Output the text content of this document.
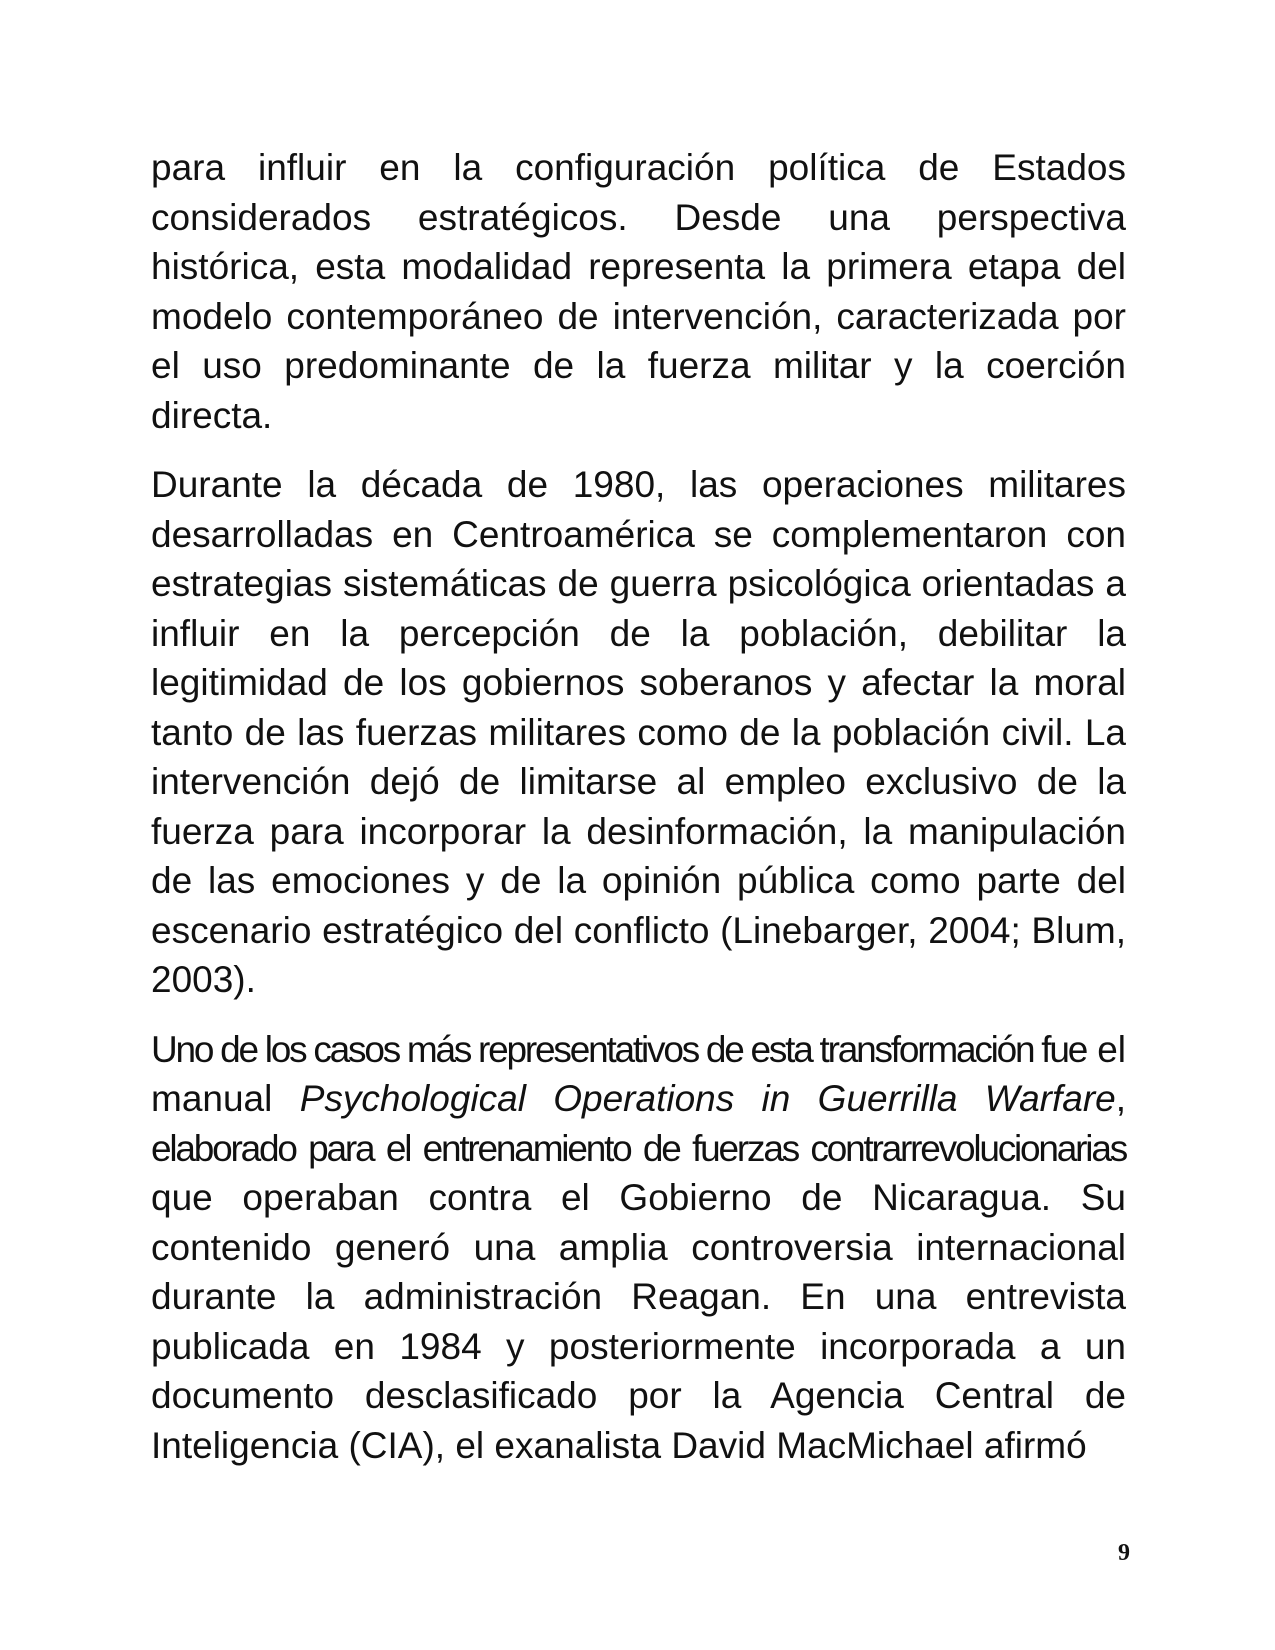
para influir en la configuración política de Estados considerados estratégicos. Desde una perspectiva histórica, esta modalidad representa la primera etapa del modelo contemporáneo de intervención, caracterizada por el uso predominante de la fuerza militar y la coerción directa.

Durante la década de 1980, las operaciones militares desarrolladas en Centroamérica se complementaron con estrategias sistemáticas de guerra psicológica orientadas a influir en la percepción de la población, debilitar la legitimidad de los gobiernos soberanos y afectar la moral tanto de las fuerzas militares como de la población civil. La intervención dejó de limitarse al empleo exclusivo de la fuerza para incorporar la desinformación, la manipulación de las emociones y de la opinión pública como parte del escenario estratégico del conflicto (Linebarger, 2004; Blum, 2003).

Uno de los casos más representativos de esta transformación fue el manual Psychological Operations in Guerrilla Warfare, elaborado para el entrenamiento de fuerzas contrarrevolucionarias que operaban contra el Gobierno de Nicaragua. Su contenido generó una amplia controversia internacional durante la administración Reagan. En una entrevista publicada en 1984 y posteriormente incorporada a un documento desclasificado por la Agencia Central de Inteligencia (CIA), el exanalista David MacMichael afirmó

9
